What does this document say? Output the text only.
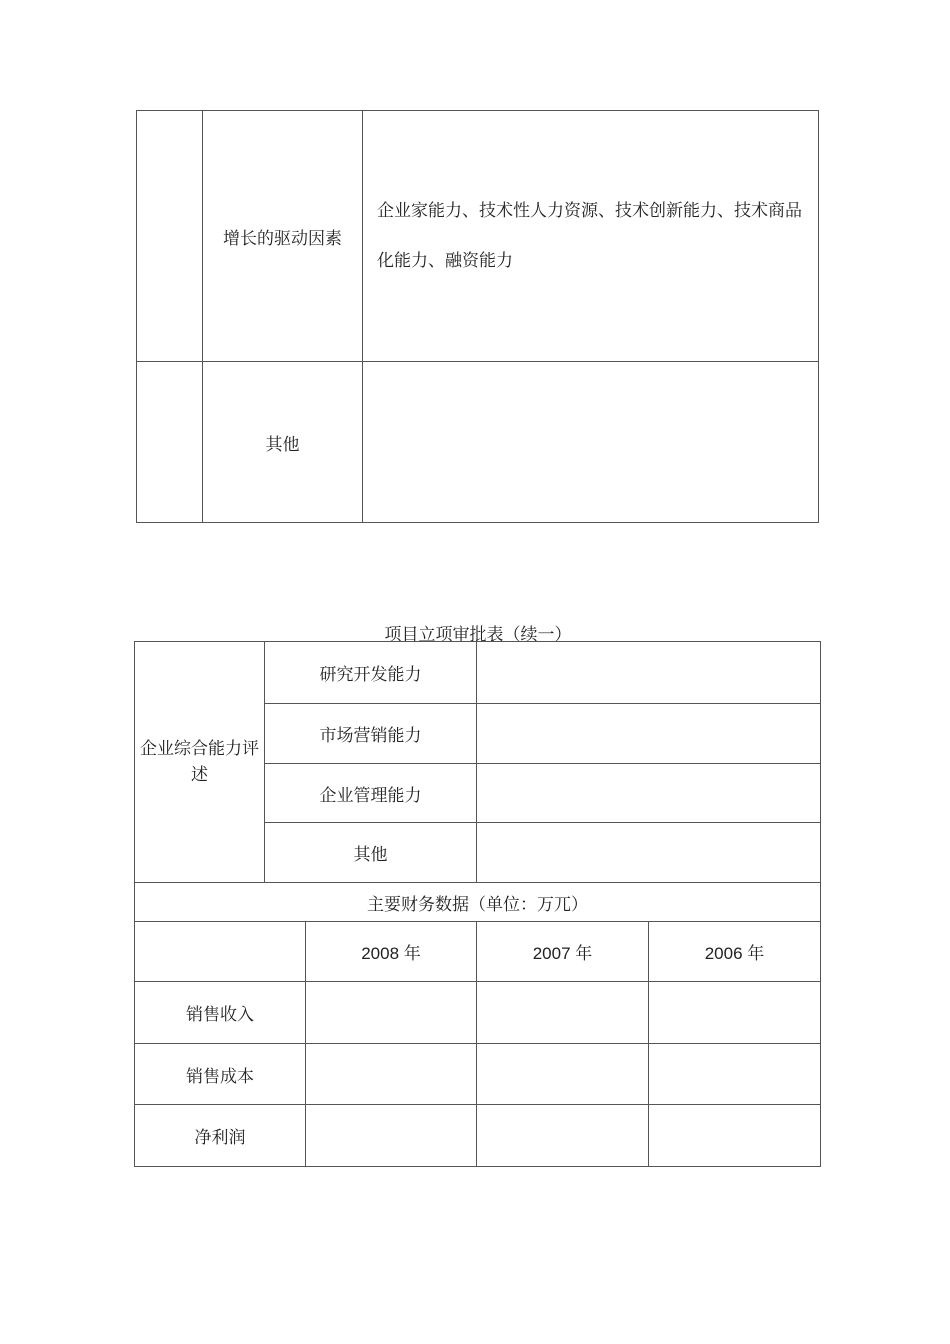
	增长的驱动因素	企业家能力、技术性人力资源、技术创新能力、技术商品化能力、融资能力
	其他	
项目立项审批表（续一）
企业综合能力评述	研究开发能力			
	市场营销能力			
	企业管理能力			
	其他			
主要财务数据（单位：万兀）				
		2008 年	2007 年	2006 年
销售收入				
销售成本				
净利润				
